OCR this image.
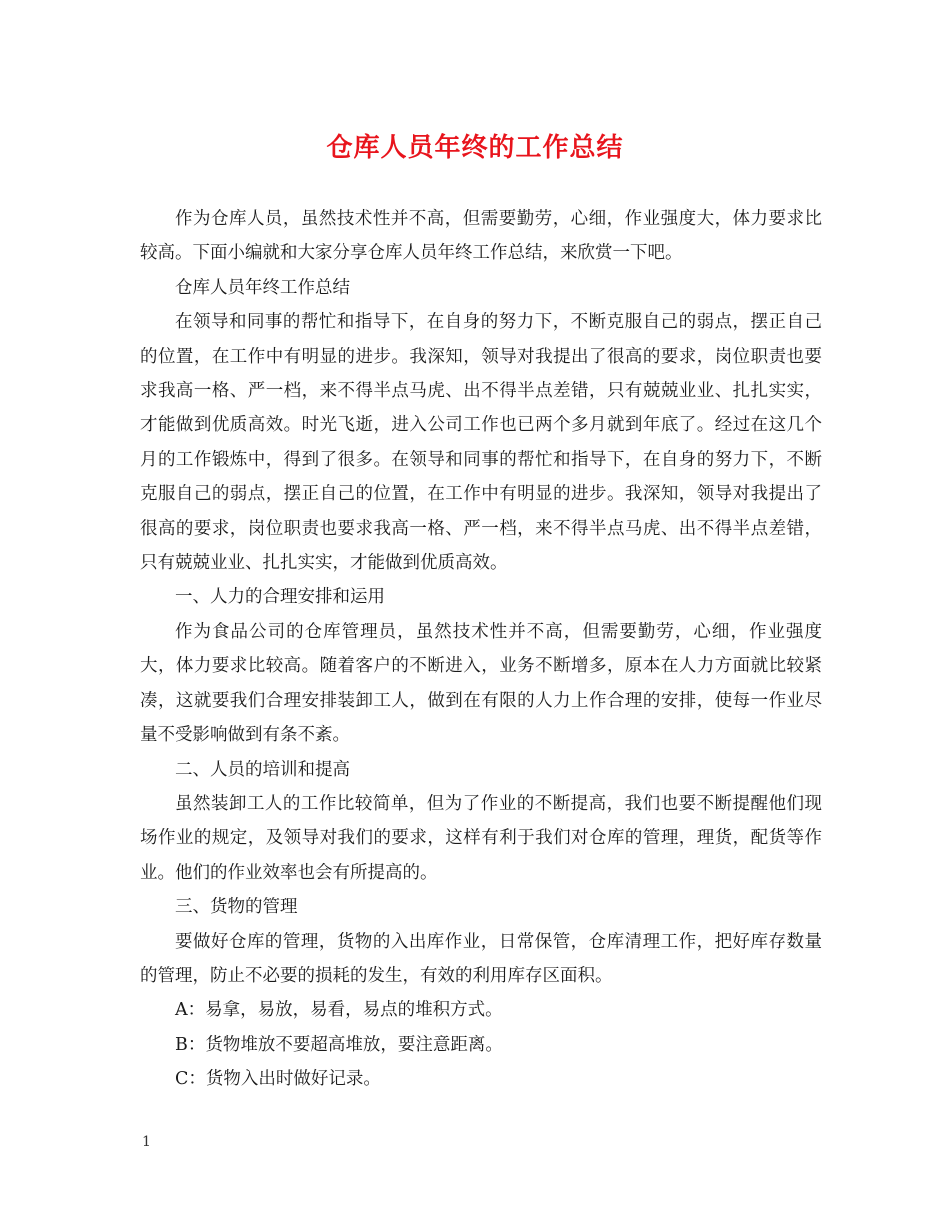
仓库人员年终的工作总结

作为仓库人员，虽然技术性并不高，但需要勤劳，心细，作业强度大，体力要求比较高。下面小编就和大家分享仓库人员年终工作总结，来欣赏一下吧。

仓库人员年终工作总结

在领导和同事的帮忙和指导下，在自身的努力下，不断克服自己的弱点，摆正自己的位置，在工作中有明显的进步。我深知，领导对我提出了很高的要求，岗位职责也要求我高一格、严一档，来不得半点马虎、出不得半点差错，只有兢兢业业、扎扎实实，才能做到优质高效。时光飞逝，进入公司工作也已两个多月就到年底了。经过在这几个月的工作锻炼中，得到了很多。在领导和同事的帮忙和指导下，在自身的努力下，不断克服自己的弱点，摆正自己的位置，在工作中有明显的进步。我深知，领导对我提出了很高的要求，岗位职责也要求我高一格、严一档，来不得半点马虎、出不得半点差错，只有兢兢业业、扎扎实实，才能做到优质高效。

一、人力的合理安排和运用

作为食品公司的仓库管理员，虽然技术性并不高，但需要勤劳，心细，作业强度大，体力要求比较高。随着客户的不断进入，业务不断增多，原本在人力方面就比较紧凑，这就要我们合理安排装卸工人，做到在有限的人力上作合理的安排，使每一作业尽量不受影响做到有条不紊。

二、人员的培训和提高

虽然装卸工人的工作比较简单，但为了作业的不断提高，我们也要不断提醒他们现场作业的规定，及领导对我们的要求，这样有利于我们对仓库的管理，理货，配货等作业。他们的作业效率也会有所提高的。

三、货物的管理

要做好仓库的管理，货物的入出库作业，日常保管，仓库清理工作，把好库存数量的管理，防止不必要的损耗的发生，有效的利用库存区面积。

A：易拿，易放，易看，易点的堆积方式。

B：货物堆放不要超高堆放，要注意距离。

C：货物入出时做好记录。

1
